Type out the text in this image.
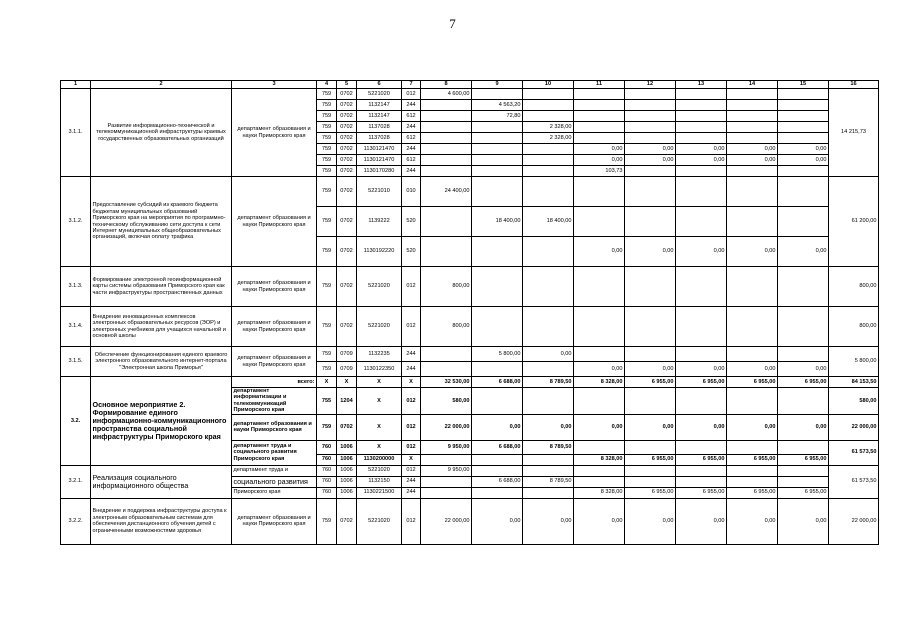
7
1	2	3	4	5	6	7	8	9	10	11	12	13	14	15	16
3.1.1.	Развитие информационно-технической и телекоммуникационной инфраструктуры краевых государственных образовательных организаций	департамент образования и науки Приморского края	759	0702	5221020	012	4 600,00								14 215,73
			759	0702	1132147	244		4 563,20							
			759	0702	1132147	612		72,80							
			759	0702	1137028	244			2 328,00						
			759	0702	1137028	612			2 328,00						
			759	0702	1130121470	244				0,00	0,00	0,00	0,00	0,00	
			759	0702	1130121470	612				0,00	0,00	0,00	0,00	0,00	
			759	0702	1130170280	244				103,73					
3.1.2.	Предоставление субсидий из краевого бюджета бюджетам муниципальных образований Приморского края на мероприятия по программно-техническому обслуживанию сети доступа к сети Интернет муниципальных общеобразовательных организаций, включая оплату трафика	департамент образования и науки Приморского края	759	0702	5221010	010	24 400,00								61 200,00
			759	0702	1139222	520		18 400,00	18 400,00						
			759	0702	1130192220	520				0,00	0,00	0,00	0,00	0,00	
3.1.3.	Формирование электронной геоинформационной карты системы образования Приморского края как части инфраструктуры пространственных данных	департамент образования и науки Приморского края	759	0702	5221020	012	800,00								800,00
3.1.4.	Внедрение инновационных комплексов электронных образовательных ресурсов (ЭОР) и электронных учебников для учащихся начальной и основной школы	департамент образования и науки Приморского края	759	0702	5221020	012	800,00								800,00
3.1.5.	Обеспечение функционирования единого краевого электронного образовательного интернет-портала "Электронная школа Приморья"	департамент образования и науки Приморского края	759	0709	1132235	244		5 800,00	0,00						5 800,00
			759	0709	1130122350	244				0,00	0,00	0,00	0,00	0,00	
3.2.	Основное мероприятие 2. Формирование единого информационно-коммуникационного пространства социальной инфраструктуры Приморского края	всего:	Х	Х	Х	Х	32 530,00	6 688,00	8 789,50	8 328,00	6 955,00	6 955,00	6 955,00	6 955,00	84 153,50
		департамент информатизации и телекоммуникаций Приморского края	755	1204	Х	012	580,00								580,00
		департамент образования и науки Приморского края	759	0702	Х	012	22 000,00	0,00	0,00	0,00	0,00	0,00	0,00	0,00	22 000,00
		департамент труда и социального развития Приморского края	760	1006	Х	012	9 950,00	6 688,00	8 789,50						61 573,50
			760	1006	1130200000	Х				8 328,00	6 955,00	6 955,00	6 955,00	6 955,00	
3.2.1.	Реализация социального информационного общества	департамент труда и	760	1006	5221020	012	9 950,00								61 573,50
		социального развития	760	1006	1132150	244		6 688,00	8 789,50						
		Приморского края	760	1006	1130221500	244				8 328,00	6 955,00	6 955,00	6 955,00	6 955,00	
3.2.2.	Внедрение и поддержка инфраструктуры доступа к электронным образовательным системам для обеспечения дистанционного обучения детей с ограниченными возможностями здоровья	департамент образования и науки Приморского края	759	0702	5221020	012	22 000,00	0,00	0,00	0,00	0,00	0,00	0,00	0,00	22 000,00
